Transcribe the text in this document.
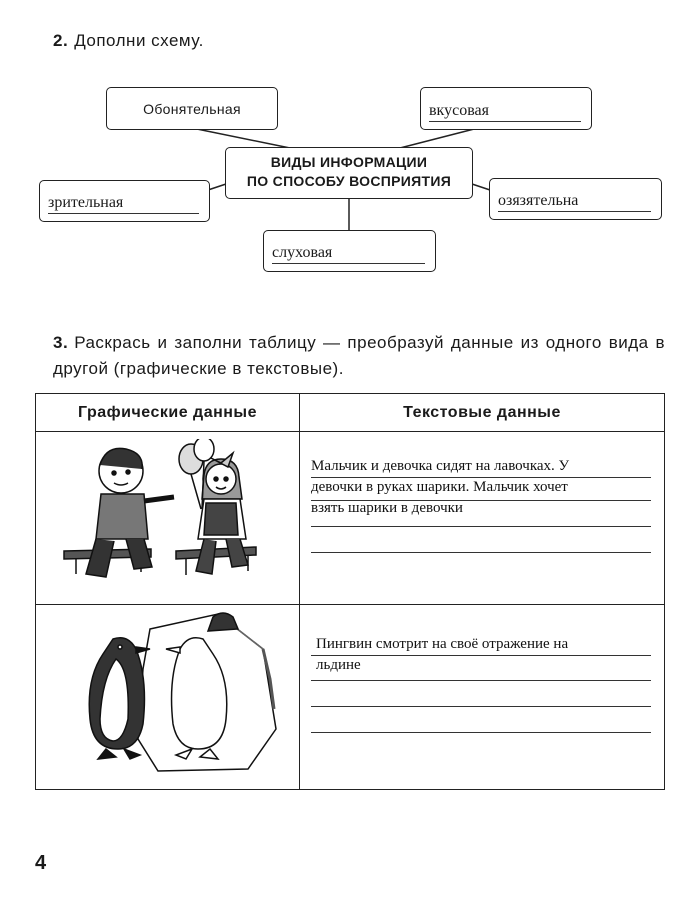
2. Дополни схему.
Обонятельная	вкусовая
ВИДЫ ИНФОРМАЦИИ
ПО СПОСОБУ ВОСПРИЯТИЯ
зрительная	озязятельна
слуховая
3. Раскрась и заполни таблицу — преобразуй данные из одного вида в другой (графические в текстовые).
Графические данные	Текстовые данные
Мальчик и девочка сидят на лавочках. У
девочки в руках шарики. Мальчик хочет
взять шарики в девочки
Пингвин смотрит на своё отражение на
льдине
4
